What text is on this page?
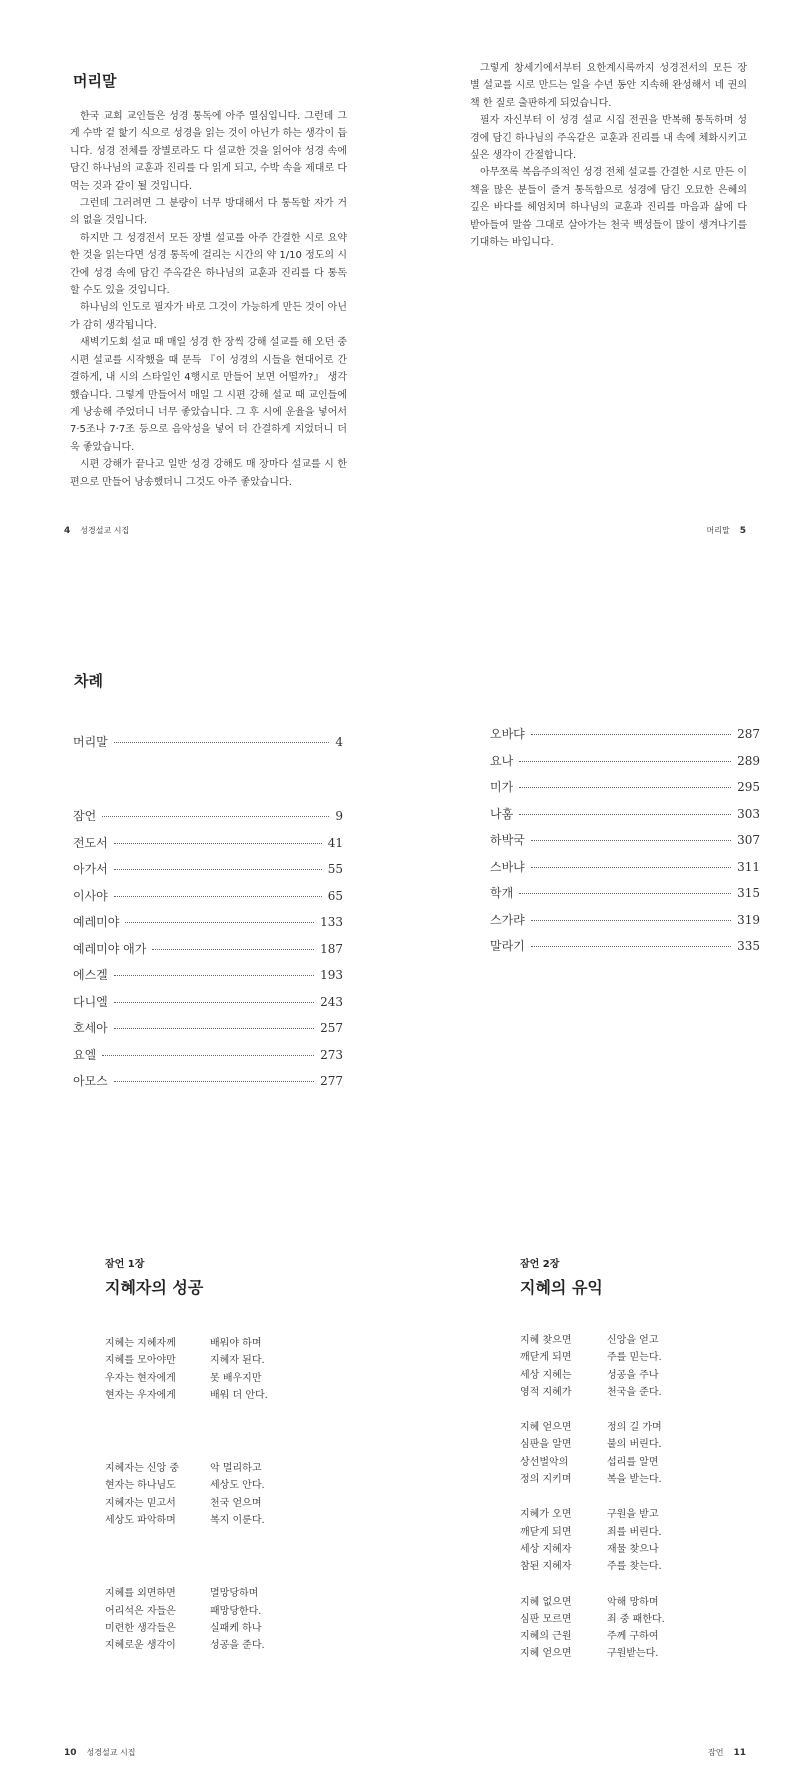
머리말

한국 교회 교인들은 성경 통독에 아주 열심입니다. 그런데 그게 수박 겉 핥기 식으로 성경을 읽는 것이 아닌가 하는 생각이 듭니다. 성경 전체를 장별로라도 다 설교한 것을 읽어야 성경 속에 담긴 하나님의 교훈과 진리를 다 읽게 되고, 수박 속을 제대로 다 먹는 것과 같이 될 것입니다.

그런데 그러려면 그 분량이 너무 방대해서 다 통독할 자가 거의 없을 것입니다.

하지만 그 성경전서 모든 장별 설교를 아주 간결한 시로 요약한 것을 읽는다면 성경 통독에 걸리는 시간의 약 1/10 정도의 시간에 성경 속에 담긴 주옥같은 하나님의 교훈과 진리를 다 통독할 수도 있을 것입니다.

하나님의 인도로 필자가 바로 그것이 가능하게 만든 것이 아닌가 감히 생각됩니다.

새벽기도회 설교 때 매일 성경 한 장씩 강해 설교를 해 오던 중 시편 설교를 시작했을 때 문득 『이 성경의 시들을 현대어로 간결하게, 내 시의 스타일인 4행시로 만들어 보면 어떨까?』 생각했습니다. 그렇게 만들어서 매일 그 시편 강해 설교 때 교인들에게 낭송해 주었더니 너무 좋았습니다. 그 후 시에 운율을 넣어서 7·5조나 7·7조 등으로 음악성을 넣어 더 간결하게 지었더니 더욱 좋았습니다.

시편 강해가 끝나고 일반 성경 강해도 매 장마다 설교를 시 한 편으로 만들어 낭송했더니 그것도 아주 좋았습니다.

4 성경설교 시집

그렇게 창세기에서부터 요한계시록까지 성경전서의 모든 장별 설교를 시로 만드는 일을 수년 동안 지속해 완성해서 네 권의 책 한 질로 출판하게 되었습니다.

필자 자신부터 이 성경 설교 시집 전권을 반복해 통독하며 성경에 담긴 하나님의 주옥같은 교훈과 진리를 내 속에 체화시키고 싶은 생각이 간절합니다.

아무쪼록 복음주의적인 성경 전체 설교를 간결한 시로 만든 이 책을 많은 분들이 즐겨 통독함으로 성경에 담긴 오묘한 은혜의 깊은 바다를 헤엄치며 하나님의 교훈과 진리를 마음과 삶에 다 받아들여 말씀 그대로 살아가는 천국 백성들이 많이 생겨나기를 기대하는 바입니다.

머리말 5
차례
머리말	4
잠언	9
전도서	41
아가서	55
이사야	65
예레미야	133
예레미야 애가	187
에스겔	193
다니엘	243
호세아	257
요엘	273
아모스	277
오바댜	287
요나	289
미가	295
나훔	303
하박국	307
스바냐	311
학개	315
스가랴	319
말라기	335
잠언 1장
지혜자의 성공
지혜는 지혜자께	배워야 하며
지혜를 모아야만	지혜자 된다.
우자는 현자에게	못 배우지만
현자는 우자에게	배워 더 안다.
지혜자는 신앙 중	악 멀리하고
현자는 하나님도	세상도 안다.
지혜자는 믿고서	천국 얻으며
세상도 파악하며	복지 이룬다.
지혜를 외면하면	멸망당하며
어리석은 자들은	패망당한다.
미련한 생각들은	실패케 하나
지혜로운 생각이	성공을 준다.
10 성경설교 시집
잠언 2장
지혜의 유익
지혜 찾으면	신앙을 얻고
깨닫게 되면	주를 믿는다.
세상 지혜는	성공을 주나
영적 지혜가	천국을 준다.
지혜 얻으면	정의 길 가며
심판을 알면	불의 버린다.
상선벌악의	섭리를 알면
정의 지키며	복을 받는다.
지혜가 오면	구원을 받고
깨닫게 되면	죄를 버린다.
세상 지혜자	재물 찾으나
참된 지혜자	주를 찾는다.
지혜 없으면	악해 망하며
심판 모르면	죄 중 패한다.
지혜의 근원	주께 구하여
지혜 얻으면	구원받는다.
잠언 11
